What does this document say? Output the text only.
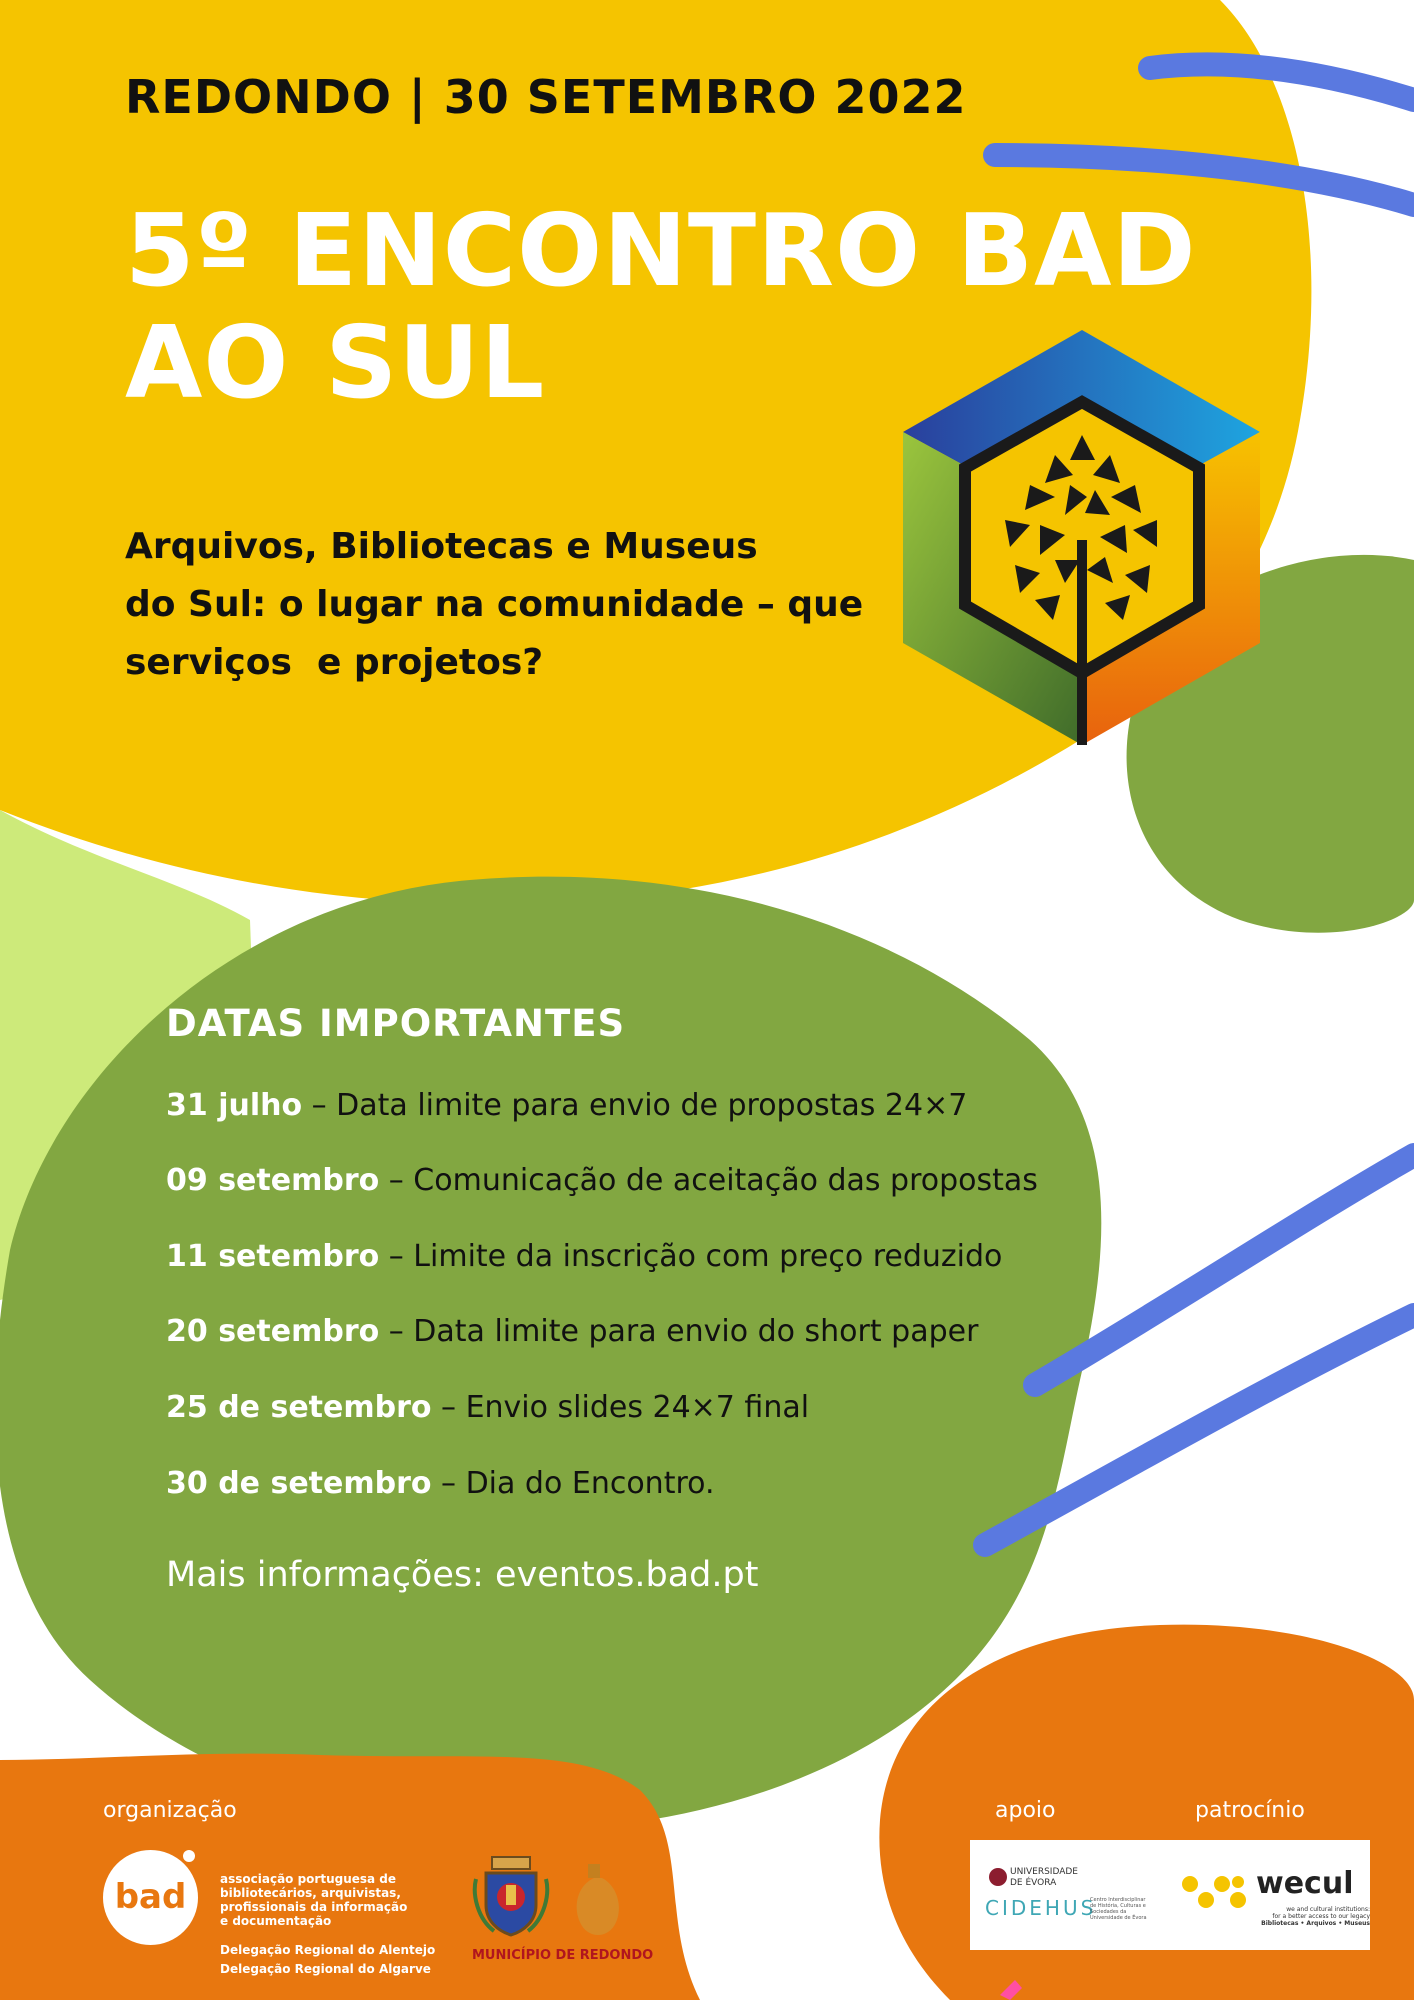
REDONDO | 30 SETEMBRO 2022
5º ENCONTRO BAD
AO SUL
Arquivos, Bibliotecas e Museus
do Sul: o lugar na comunidade – que
serviços  e projetos?
DATAS IMPORTANTES
31 julho – Data limite para envio de propostas 24×7
09 setembro – Comunicação de aceitação das propostas
11 setembro – Limite da inscrição com preço reduzido
20 setembro – Data limite para envio do short paper
25 de setembro – Envio slides 24×7 final
30 de setembro – Dia do Encontro.
Mais informações: eventos.bad.pt
organização	apoio	patrocínio
bad	associação portuguesa de
bibliotecários, arquivistas,
profissionais da informação
e documentação
Delegação Regional do Alentejo
Delegação Regional do Algarve
MUNICÍPIO DE REDONDO
UNIVERSIDADE
DE ÉVORA
CIDEHUS
Centro Interdisciplinar de História, Culturas e Sociedades da Universidade de Évora
wecul
we and cultural institutions:
for a better access to our legacy
Bibliotecas • Arquivos • Museus
